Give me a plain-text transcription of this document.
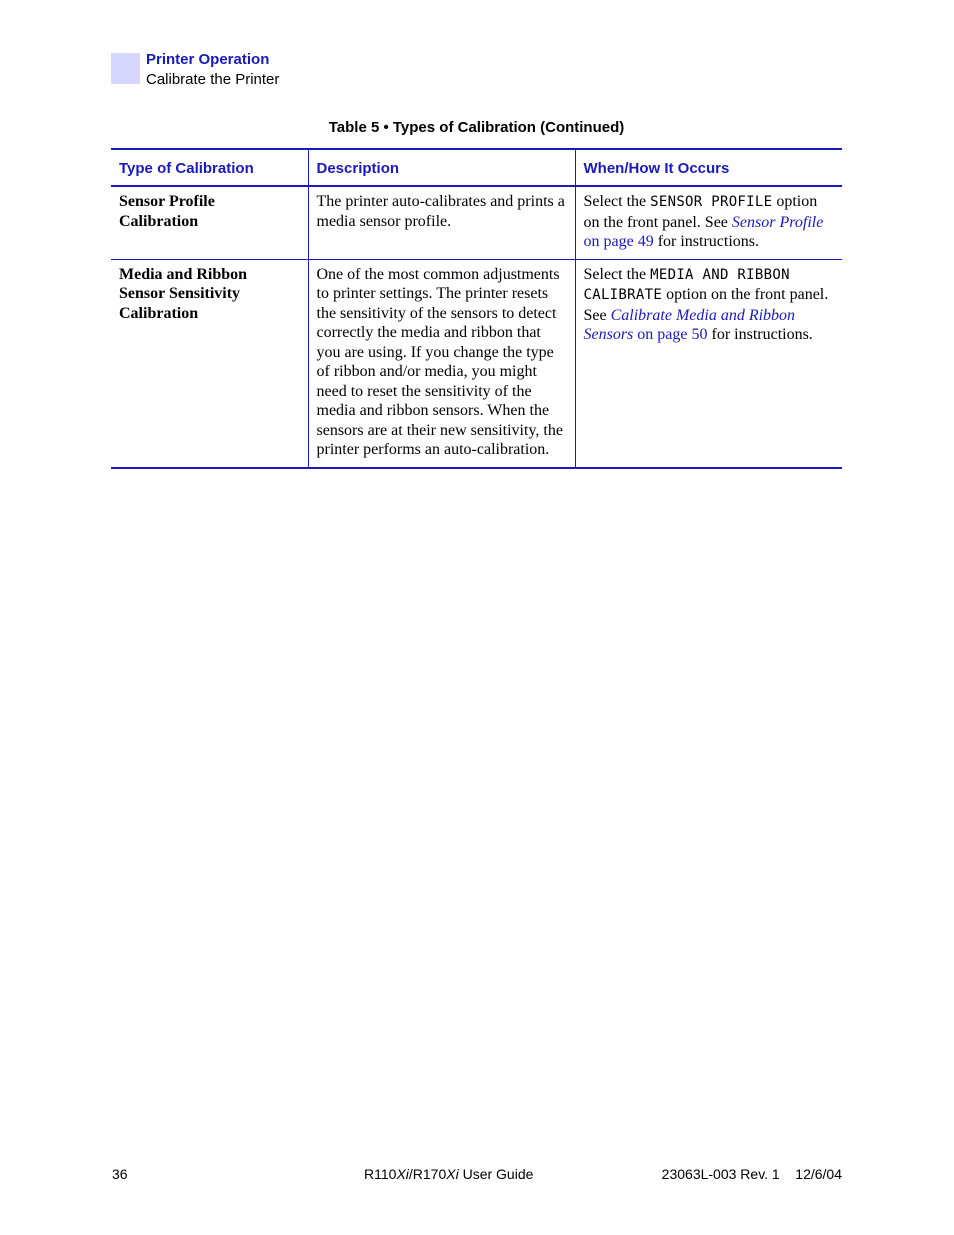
Printer Operation
Calibrate the Printer
Table 5 • Types of Calibration (Continued)
Type of Calibration	Description	When/How It Occurs
Sensor Profile Calibration	The printer auto-calibrates and prints a media sensor profile.	Select the SENSOR PROFILE option on the front panel. See Sensor Profile on page 49 for instructions.
Media and Ribbon Sensor Sensitivity Calibration	One of the most common adjustments to printer settings. The printer resets the sensitivity of the sensors to detect correctly the media and ribbon that you are using. If you change the type of ribbon and/or media, you might need to reset the sensitivity of the media and ribbon sensors. When the sensors are at their new sensitivity, the printer performs an auto-calibration.	Select the MEDIA AND RIBBON CALIBRATE option on the front panel. See Calibrate Media and Ribbon Sensors on page 50 for instructions.
36	R110Xi/R170Xi User Guide	23063L-003 Rev. 1    12/6/04
